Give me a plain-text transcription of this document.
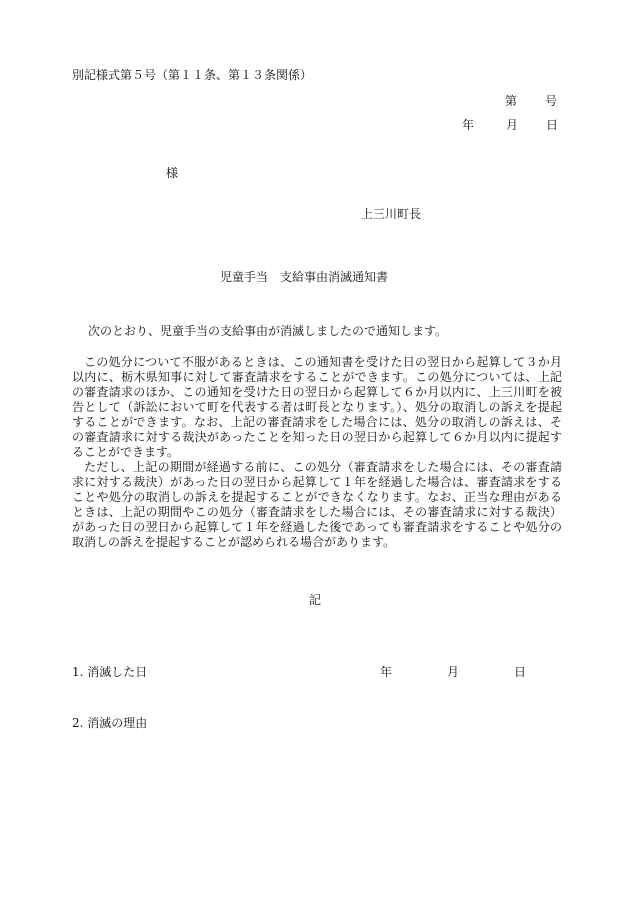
別記様式第５号（第１１条、第１３条関係）
第 号
年	月 日
様
上三川町長
児童手当　支給事由消滅通知書
次のとおり、児童手当の支給事由が消滅しましたので通知します。

この処分について不服があるときは、この通知書を受けた日の翌日から起算して３か月以内に、栃木県知事に対して審査請求をすることができます。この処分については、上記の審査請求のほか、この通知を受けた日の翌日から起算して６か月以内に、上三川町を被告として（訴訟において町を代表する者は町長となります。）、処分の取消しの訴えを提起することができます。なお、上記の審査請求をした場合には、処分の取消しの訴えは、その審査請求に対する裁決があったことを知った日の翌日から起算して６か月以内に提起することができます。

ただし、上記の期間が経過する前に、この処分（審査請求をした場合には、その審査請求に対する裁決）があった日の翌日から起算して１年を経過した場合は、審査請求をすることや処分の取消しの訴えを提起することができなくなります。なお、正当な理由があるときは、上記の期間やこの処分（審査請求をした場合には、その審査請求に対する裁決）があった日の翌日から起算して１年を経過した後であっても審査請求をすることや処分の取消しの訴えを提起することが認められる場合があります。

記
1. 消滅した日	年	月	日
2. 消滅の理由
